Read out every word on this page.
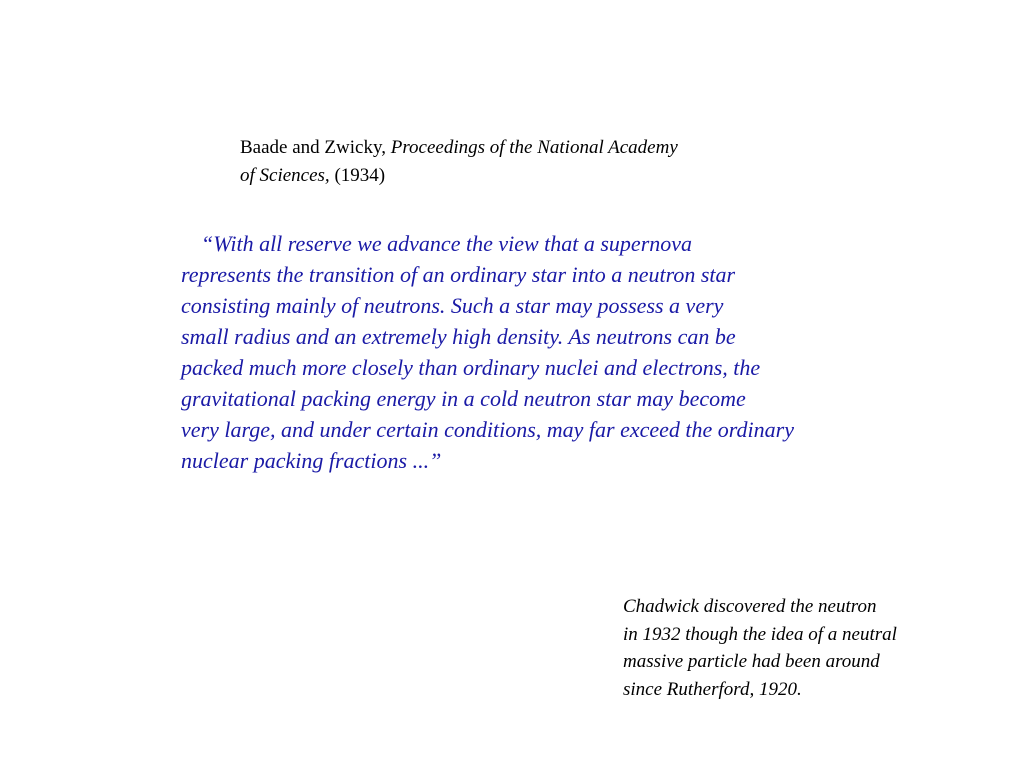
Baade and Zwicky, Proceedings of the National Academy
of Sciences, (1934)
“With all reserve we advance the view that a supernova
represents the transition of an ordinary star into a neutron star
consisting mainly of neutrons. Such a star may possess a very
small radius and an extremely high density. As neutrons can be
packed much more closely than ordinary nuclei and electrons, the
gravitational packing energy in a cold neutron star may become
very large, and under certain conditions, may far exceed the ordinary
nuclear packing fractions ...”
Chadwick discovered the neutron
in 1932 though the idea of a neutral
massive particle had been around
since Rutherford, 1920.
